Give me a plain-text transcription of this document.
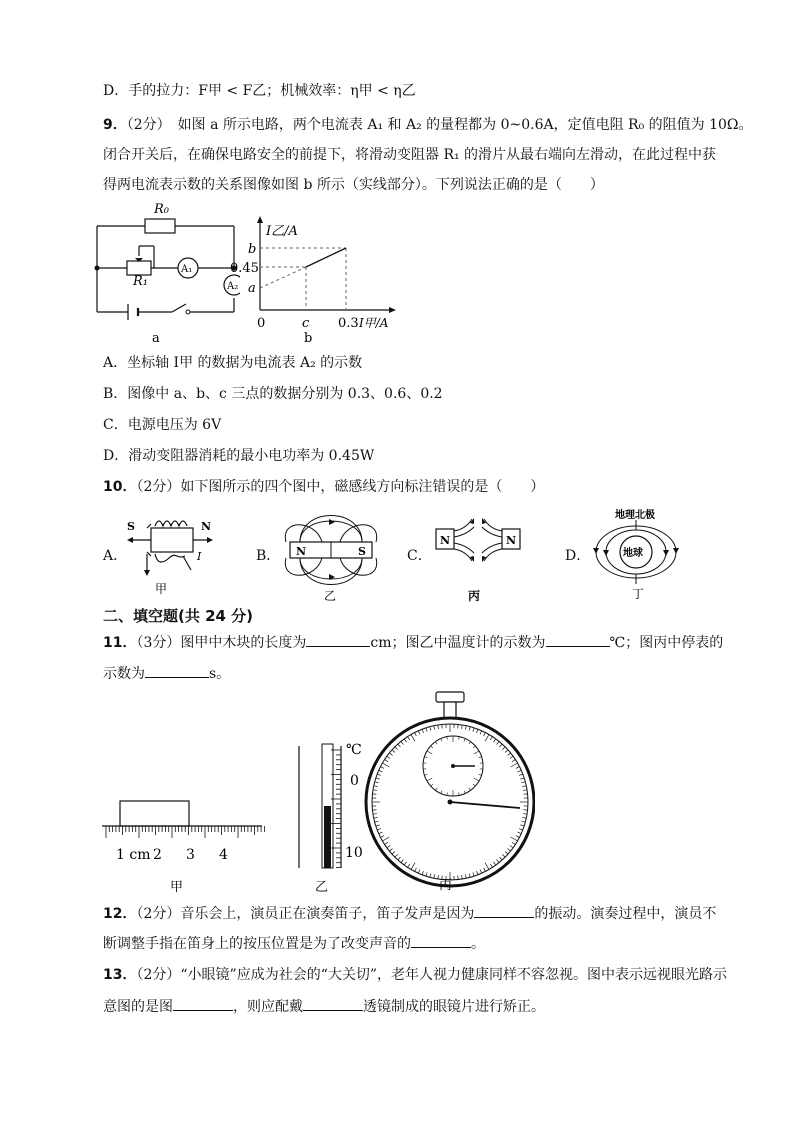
D．手的拉力：F甲 < F乙；机械效率：η甲 < η乙
9．（2分）　如图 a 所示电路，两个电流表 A₁ 和 A₂ 的量程都为 0~0.6A，定值电阻 R₀ 的阻值为 10Ω。
闭合开关后，在确保电路安全的前提下，将滑动变阻器 R₁ 的滑片从最右端向左滑动，在此过程中获
得两电流表示数的关系图像如图 b 所示（实线部分）。下列说法正确的是（　　）
R₀
R₁
A₁
A₂
a
I乙/A
b
0.45
a
0	c 0.3 I甲/A
b
A．坐标轴 I甲 的数据为电流表 A₂ 的示数
B．图像中 a、b、c 三点的数据分别为 0.3、0.6、0.2
C．电源电压为 6V
D．滑动变阻器消耗的最小电功率为 0.45W
10．（2分）如下图所示的四个图中，磁感线方向标注错误的是（　　）
A．
S	N
I
甲
B． N	S
乙
C．
N	N
丙
D．
地理北极
地球
丁
二、填空题(共 24 分)
11．（3分）图甲中木块的长度为	cm；图乙中温度计的示数为	℃；图丙中停表的
示数为	s。
1 cm 2 3 4
甲
℃
0
10
乙	丙
12．（2分）音乐会上，演员正在演奏笛子，笛子发声是因为	的振动。演奏过程中，演员不
断调整手指在笛身上的按压位置是为了改变声音的	。
13．（2分）“小眼镜”应成为社会的“大关切”，老年人视力健康同样不容忽视。图中表示远视眼光路示
意图的是图	，则应配戴	透镜制成的眼镜片进行矫正。
